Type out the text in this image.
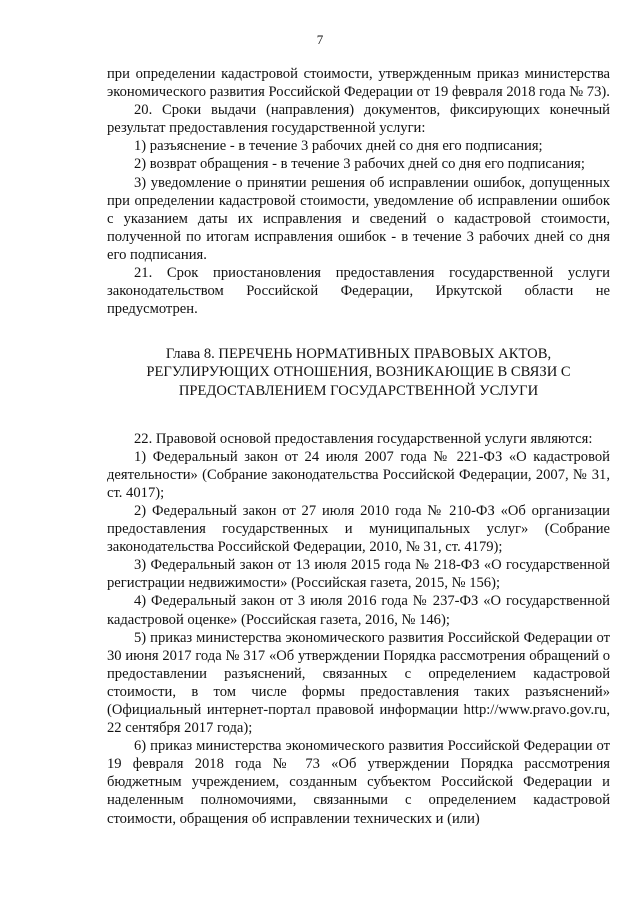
7

при определении кадастровой стоимости, утвержденным приказ министерства экономического развития Российской Федерации от 19 февраля 2018 года № 73).

20. Сроки выдачи (направления) документов, фиксирующих конечный результат предоставления государственной услуги:

1) разъяснение - в течение 3 рабочих дней со дня его подписания;

2) возврат обращения - в течение 3 рабочих дней со дня его подписания;

3) уведомление о принятии решения об исправлении ошибок, допущенных при определении кадастровой стоимости, уведомление об исправлении ошибок с указанием даты их исправления и сведений о кадастровой стоимости, полученной по итогам исправления ошибок - в течение 3 рабочих дней со дня его подписания.

21. Срок приостановления предоставления государственной услуги законодательством Российской Федерации, Иркутской области не предусмотрен.

Глава 8. ПЕРЕЧЕНЬ НОРМАТИВНЫХ ПРАВОВЫХ АКТОВ,
РЕГУЛИРУЮЩИХ ОТНОШЕНИЯ, ВОЗНИКАЮЩИЕ В СВЯЗИ С
ПРЕДОСТАВЛЕНИЕМ ГОСУДАРСТВЕННОЙ УСЛУГИ

22. Правовой основой предоставления государственной услуги являются:

1) Федеральный закон от 24 июля 2007 года № 221-ФЗ «О кадастровой деятельности» (Собрание законодательства Российской Федерации, 2007, № 31, ст. 4017);

2) Федеральный закон от 27 июля 2010 года № 210-ФЗ «Об организации предоставления государственных и муниципальных услуг» (Собрание законодательства Российской Федерации, 2010, № 31, ст. 4179);

3) Федеральный закон от 13 июля 2015 года № 218-ФЗ «О государственной регистрации недвижимости» (Российская газета, 2015, № 156);

4) Федеральный закон от 3 июля 2016 года № 237-ФЗ «О государственной кадастровой оценке» (Российская газета, 2016, № 146);

5) приказ министерства экономического развития Российской Федерации от 30 июня 2017 года № 317 «Об утверждении Порядка рассмотрения обращений о предоставлении разъяснений, связанных с определением кадастровой стоимости, в том числе формы предоставления таких разъяснений» (Официальный интернет-портал правовой информации http://www.pravo.gov.ru, 22 сентября 2017 года);

6) приказ министерства экономического развития Российской Федерации от 19 февраля 2018 года № 73 «Об утверждении Порядка рассмотрения бюджетным учреждением, созданным субъектом Российской Федерации и наделенным полномочиями, связанными с определением кадастровой стоимости, обращения об исправлении технических и (или)
